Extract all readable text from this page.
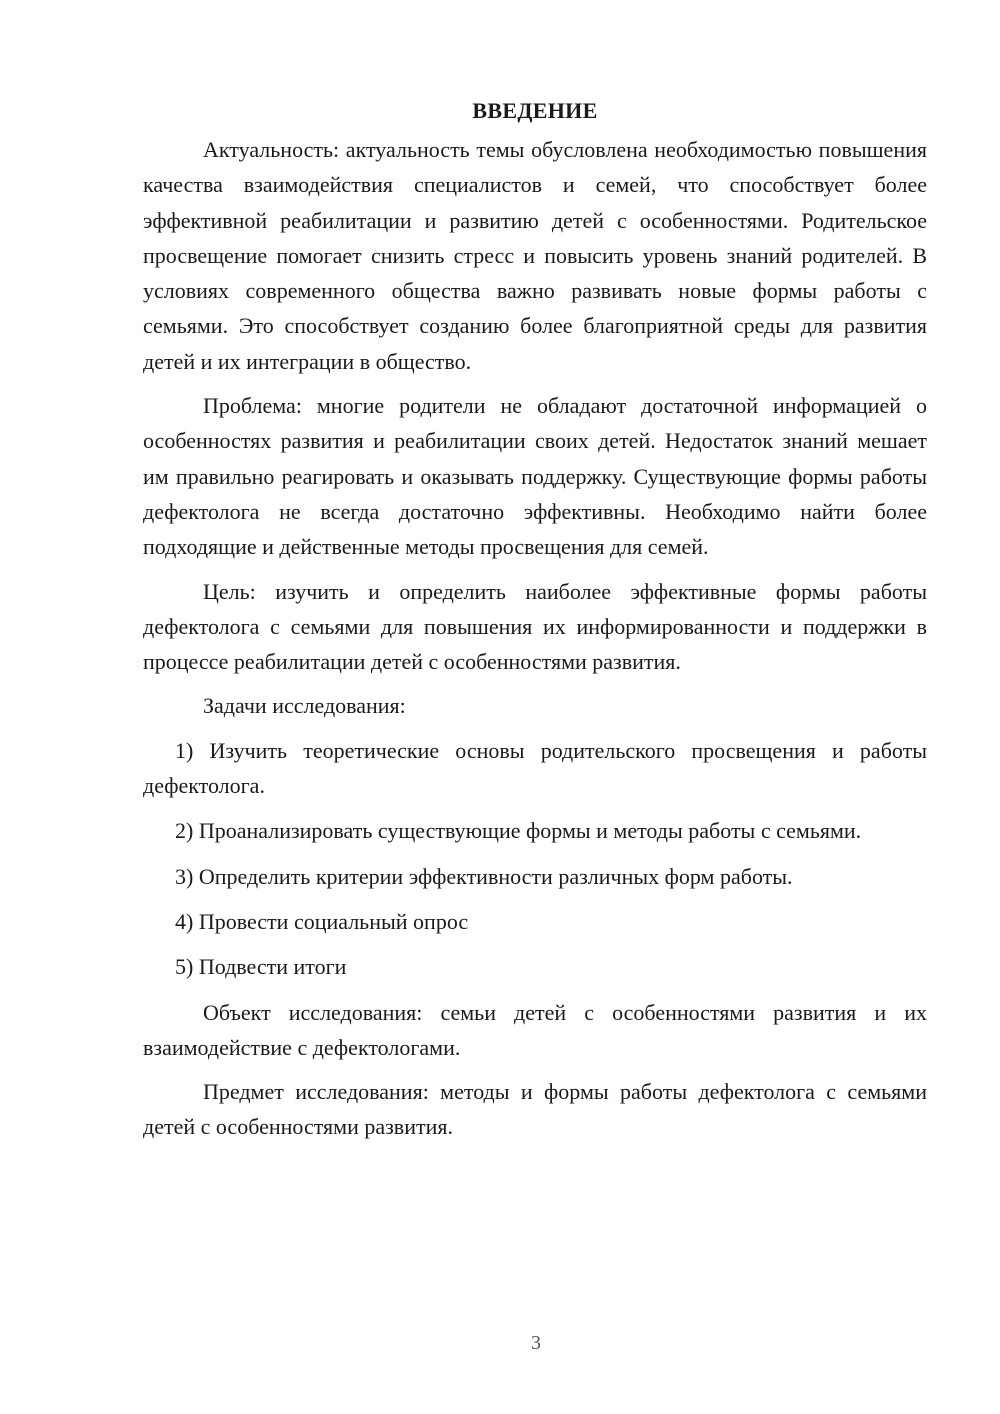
ВВЕДЕНИЕ

Актуальность: актуальность темы обусловлена необходимостью повышения качества взаимодействия специалистов и семей, что способствует более эффективной реабилитации и развитию детей с особенностями. Родительское просвещение помогает снизить стресс и повысить уровень знаний родителей. В условиях современного общества важно развивать новые формы работы с семьями. Это способствует созданию более благоприятной среды для развития детей и их интеграции в общество.

Проблема: многие родители не обладают достаточной информацией о особенностях развития и реабилитации своих детей. Недостаток знаний мешает им правильно реагировать и оказывать поддержку. Существующие формы работы дефектолога не всегда достаточно эффективны. Необходимо найти более подходящие и действенные методы просвещения для семей.

Цель: изучить и определить наиболее эффективные формы работы дефектолога с семьями для повышения их информированности и поддержки в процессе реабилитации детей с особенностями развития.

Задачи исследования:

1) Изучить теоретические основы родительского просвещения и работы дефектолога.

2) Проанализировать существующие формы и методы работы с семьями.

3) Определить критерии эффективности различных форм работы.

4) Провести социальный опрос

5) Подвести итоги

Объект исследования: семьи детей с особенностями развития и их взаимодействие с дефектологами.

Предмет исследования: методы и формы работы дефектолога с семьями детей с особенностями развития.

3
